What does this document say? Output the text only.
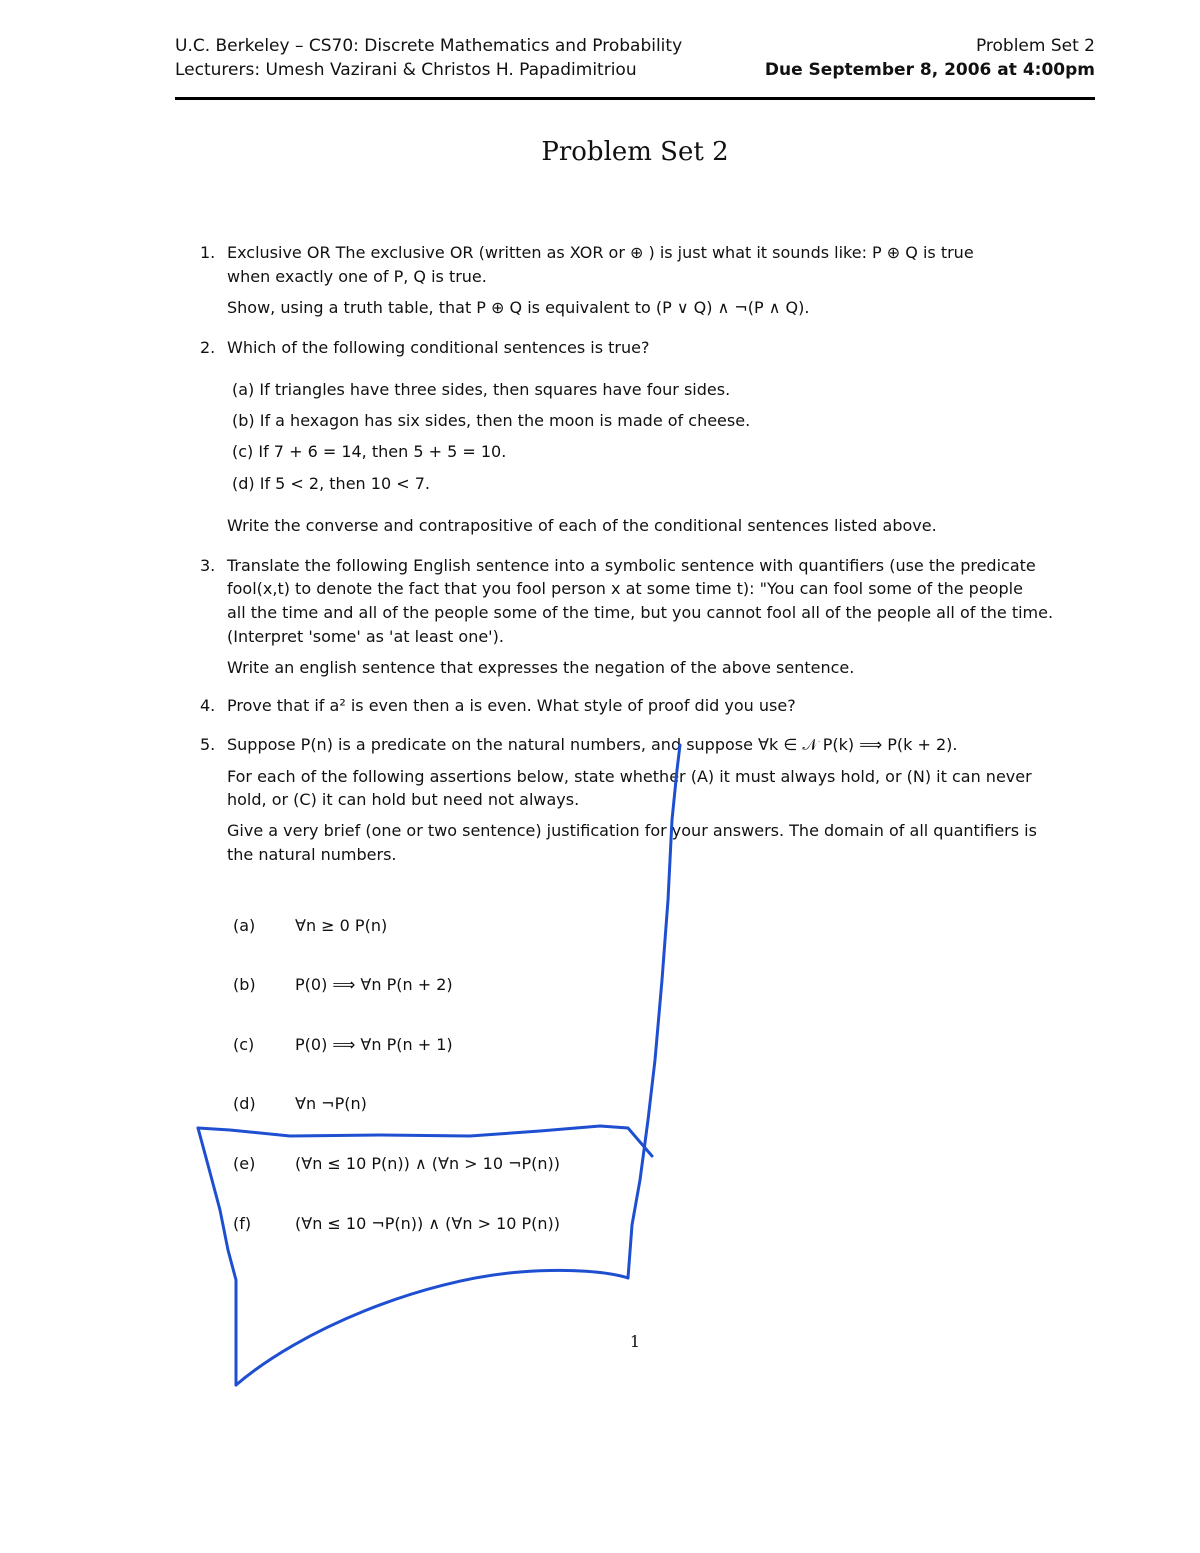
U.C. Berkeley – CS70: Discrete Mathematics and Probability
Lecturers: Umesh Vazirani & Christos H. Papadimitriou
Problem Set 2
Due September 8, 2006 at 4:00pm
Problem Set 2
1. Exclusive OR The exclusive OR (written as XOR or ⊕ ) is just what it sounds like: P ⊕ Q is true
when exactly one of P, Q is true.
Show, using a truth table, that P ⊕ Q is equivalent to (P ∨ Q) ∧ ¬(P ∧ Q).
2. Which of the following conditional sentences is true?
(a) If triangles have three sides, then squares have four sides.
(b) If a hexagon has six sides, then the moon is made of cheese.
(c) If 7 + 6 = 14, then 5 + 5 = 10.
(d) If 5 < 2, then 10 < 7.
Write the converse and contrapositive of each of the conditional sentences listed above.
3. Translate the following English sentence into a symbolic sentence with quantifiers (use the predicate
fool(x,t) to denote the fact that you fool person x at some time t): "You can fool some of the people
all the time and all of the people some of the time, but you cannot fool all of the people all of the time.
(Interpret 'some' as 'at least one').
Write an english sentence that expresses the negation of the above sentence.
4. Prove that if a² is even then a is even. What style of proof did you use?
5. Suppose P(n) is a predicate on the natural numbers, and suppose ∀k ∈ 𝒩 P(k) ⟹ P(k + 2).
For each of the following assertions below, state whether (A) it must always hold, or (N) it can never
hold, or (C) it can hold but need not always.
Give a very brief (one or two sentence) justification for your answers. The domain of all quantifiers is
the natural numbers.
(a) ∀n ≥ 0 P(n)
(b) P(0) ⟹ ∀n P(n + 2)
(c)	P(0) ⟹ ∀n P(n + 1)
(d) ∀n ¬P(n)
(e) (∀n ≤ 10 P(n)) ∧ (∀n > 10 ¬P(n))
(f)	(∀n ≤ 10 ¬P(n)) ∧ (∀n > 10 P(n))
1
